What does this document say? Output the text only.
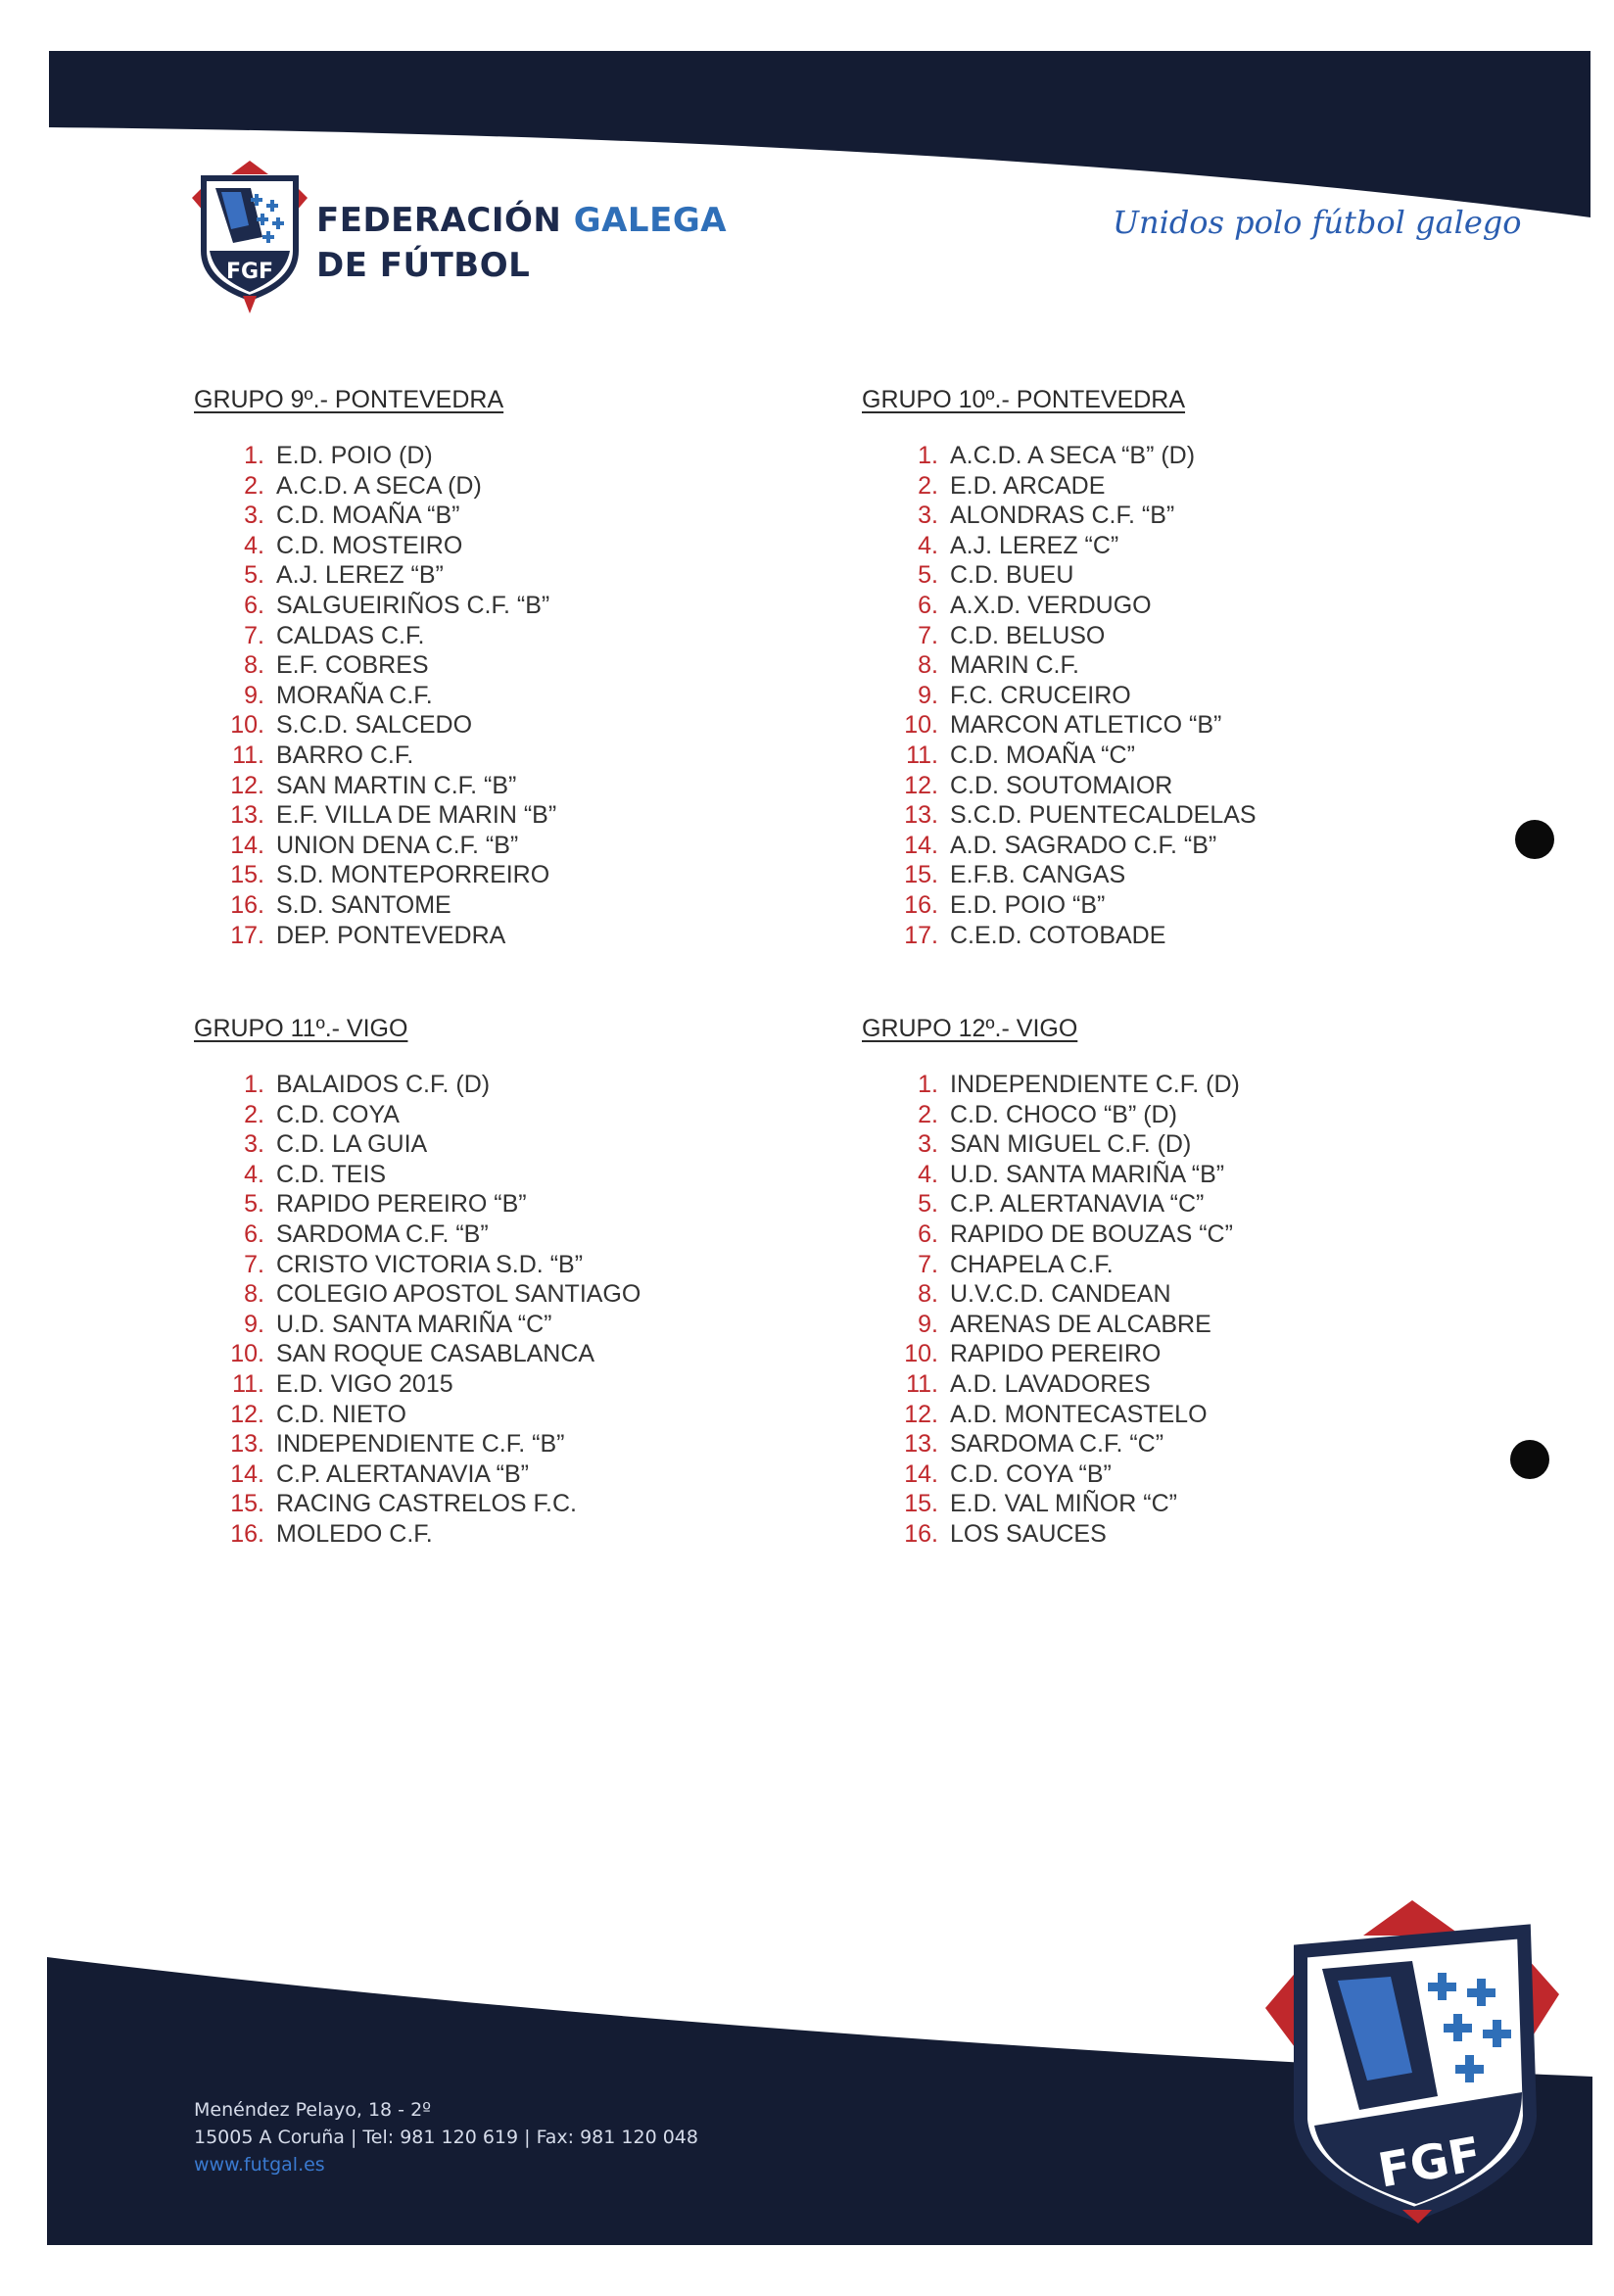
FGF
FEDERACIÓN GALEGA
DE FÚTBOL
Unidos polo fútbol galego
GRUPO 9º.- PONTEVEDRA
1. E.D. POIO (D)
2. A.C.D. A SECA (D)
3. C.D. MOAÑA “B”
4. C.D. MOSTEIRO
5. A.J. LEREZ “B”
6. SALGUEIRIÑOS C.F. “B”
7. CALDAS C.F.
8. E.F. COBRES
9. MORAÑA C.F.
10. S.C.D. SALCEDO
11. BARRO C.F.
12. SAN MARTIN C.F. “B”
13. E.F. VILLA DE MARIN “B”
14. UNION DENA C.F. “B”
15. S.D. MONTEPORREIRO
16. S.D. SANTOME
17. DEP. PONTEVEDRA
GRUPO 10º.- PONTEVEDRA
1. A.C.D. A SECA “B” (D)
2. E.D. ARCADE
3. ALONDRAS C.F. “B”
4. A.J. LEREZ “C”
5. C.D. BUEU
6. A.X.D. VERDUGO
7. C.D. BELUSO
8. MARIN C.F.
9. F.C. CRUCEIRO
10. MARCON ATLETICO “B”
11. C.D. MOAÑA “C”
12. C.D. SOUTOMAIOR
13. S.C.D. PUENTECALDELAS
14. A.D. SAGRADO C.F. “B”
15. E.F.B. CANGAS
16. E.D. POIO “B”
17. C.E.D. COTOBADE
GRUPO 11º.- VIGO
1. BALAIDOS C.F. (D)
2. C.D. COYA
3. C.D. LA GUIA
4. C.D. TEIS
5. RAPIDO PEREIRO “B”
6. SARDOMA C.F. “B”
7. CRISTO VICTORIA S.D. “B”
8. COLEGIO APOSTOL SANTIAGO
9. U.D. SANTA MARIÑA “C”
10. SAN ROQUE CASABLANCA
11. E.D. VIGO 2015
12. C.D. NIETO
13. INDEPENDIENTE C.F. “B”
14. C.P. ALERTANAVIA “B”
15. RACING CASTRELOS F.C.
16. MOLEDO C.F.
GRUPO 12º.- VIGO
1. INDEPENDIENTE C.F. (D)
2. C.D. CHOCO “B” (D)
3. SAN MIGUEL C.F. (D)
4. U.D. SANTA MARIÑA “B”
5. C.P. ALERTANAVIA “C”
6. RAPIDO DE BOUZAS “C”
7. CHAPELA C.F.
8. U.V.C.D. CANDEAN
9. ARENAS DE ALCABRE
10. RAPIDO PEREIRO
11. A.D. LAVADORES
12. A.D. MONTECASTELO
13. SARDOMA C.F. “C”
14. C.D. COYA “B”
15. E.D. VAL MIÑOR “C”
16. LOS SAUCES
Menéndez Pelayo, 18 - 2º
15005 A Coruña | Tel: 981 120 619 | Fax: 981 120 048
www.futgal.es	FGF
